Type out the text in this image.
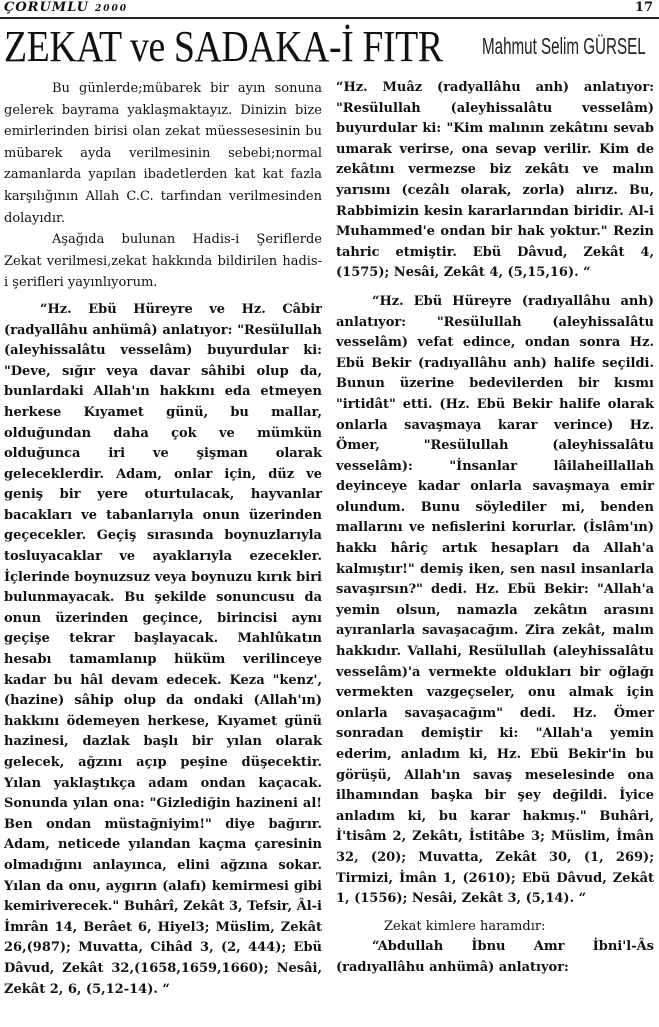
ÇORUMLU 2000	17
ZEKAT ve SADAKA-İ FITR Mahmut Selim GÜRSEL

Bu günlerde;mübarek bir ayın sonuna gelerek bayrama yaklaşmaktayız. Dinizin bize emirlerinden birisi olan zekat müessesesinin bu mübarek ayda verilmesinin sebebi;normal zamanlarda yapılan ibadetlerden kat kat fazla karşılığının Allah C.C. tarfından verilmesinden dolayıdır.

Aşağıda bulunan Hadis-i Şeriflerde Zekat verilmesi,zekat hakkında bildirilen hadis-i şerifleri yayınlıyorum.

“Hz. Ebü Hüreyre ve Hz. Câbir (radyallâhu anhümâ) anlatıyor: "Resülullah (aleyhissalâtu vesselâm) buyurdular ki: "Deve, sığır veya davar sâhibi olup da, bunlardaki Allah'ın hakkını eda etmeyen herkese Kıyamet günü, bu mallar, olduğundan daha çok ve mümkün olduğunca iri ve şişman olarak geleceklerdir. Adam, onlar için, düz ve geniş bir yere oturtulacak, hayvanlar bacakları ve tabanlarıyla onun üzerinden geçecekler. Geçiş sırasında boynuzlarıyla tosluyacaklar ve ayaklarıyla ezecekler. İçlerinde boynuzsuz veya boynuzu kırık biri bulunmayacak. Bu şekilde sonuncusu da onun üzerinden geçince, birincisi aynı geçişe tekrar başlayacak. Mahlûkatın hesabı tamamlanıp hüküm verilinceye kadar bu hâl devam edecek. Keza "kenz', (hazine) sâhip olup da ondaki (Allah'ın) hakkını ödemeyen herkese, Kıyamet günü hazinesi, dazlak başlı bir yılan olarak gelecek, ağzını açıp peşine düşecektir. Yılan yaklaştıkça adam ondan kaçacak. Sonunda yılan ona: "Gizlediğin hazineni al! Ben ondan müstağniyim!" diye bağırır. Adam, neticede yılandan kaçma çaresinin olmadığını anlayınca, elini ağzına sokar. Yılan da onu, aygırın (alafı) kemirmesi gibi kemiriverecek." Buhârî, Zekât 3, Tefsir, Âl-i İmrân 14, Berâet 6, Hiyel3; Müslim, Zekât 26,(987); Muvatta, Cihâd 3, (2, 444); Ebü Dâvud, Zekât 32,(1658,1659,1660); Nesâi, Zekât 2, 6, (5,12-14). “

“Hz. Muâz (radyallâhu anh) anlatıyor: "Resülullah (aleyhissalâtu vesselâm) buyurdular ki: "Kim malının zekâtını sevab umarak verirse, ona sevap verilir. Kim de zekâtını vermezse biz zekâtı ve malın yarısını (cezâlı olarak, zorla) alırız. Bu, Rabbimizin kesin kararlarından biridir. Al-i Muhammed'e ondan bir hak yoktur." Rezin tahric etmiştir. Ebü Dâvud, Zekât 4, (1575); Nesâi, Zekât 4, (5,15,16). “

“Hz. Ebü Hüreyre (radıyallâhu anh) anlatıyor: "Resülullah (aleyhissalâtu vesselâm) vefat edince, ondan sonra Hz. Ebü Bekir (radıyallâhu anh) halife seçildi. Bunun üzerine bedevilerden bir kısmı "irtidât" etti. (Hz. Ebü Bekir halife olarak onlarla savaşmaya karar verince) Hz. Ömer, "Resülullah (aleyhissalâtu vesselâm): "İnsanlar lâilaheillallah deyinceye kadar onlarla savaşmaya emir olundum. Bunu söylediler mi, benden mallarını ve nefislerini korurlar. (İslâm'ın) hakkı hâriç artık hesapları da Allah'a kalmıştır!" demiş iken, sen nasıl insanlarla savaşırsın?" dedi. Hz. Ebü Bekir: "Allah'a yemin olsun, namazla zekâtın arasını ayıranlarla savaşacağım. Zira zekât, malın hakkıdır. Vallahi, Resülullah (aleyhissalâtu vesselâm)'a vermekte oldukları bir oğlağı vermekten vazgeçseler, onu almak için onlarla savaşacağım" dedi. Hz. Ömer sonradan demiştir ki: "Allah'a yemin ederim, anladım ki, Hz. Ebü Bekir'in bu görüşü, Allah'ın savaş meselesinde ona ilhamından başka bir şey değildi. İyice anladım ki, bu karar hakmış." Buhâri, İ'tisâm 2, Zekâtı, İstitâbe 3; Müslim, İmân 32, (20); Muvatta, Zekât 30, (1, 269); Tirmizi, İmân 1, (2610); Ebü Dâvud, Zekât 1, (1556); Nesâi, Zekât 3, (5,14). “

Zekat kimlere haramdır:

“Abdullah İbnu Amr İbni'l-Âs (radıyallâhu anhümâ) anlatıyor:
